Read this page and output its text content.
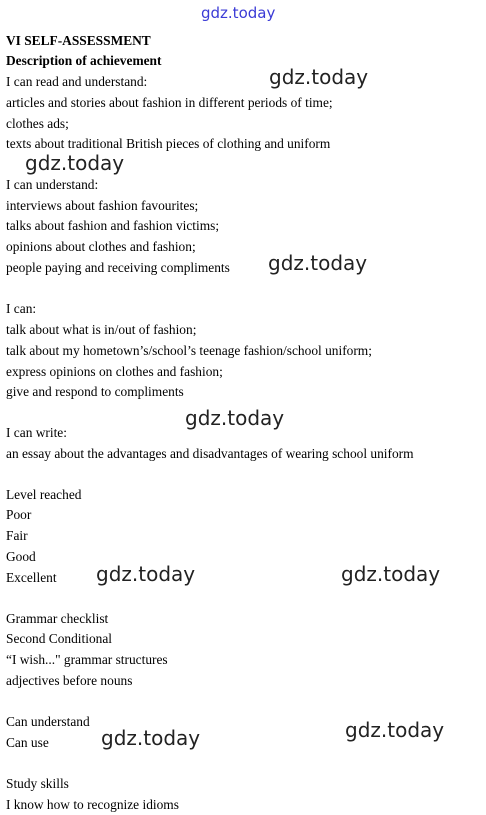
gdz.today
VI SELF-ASSESSMENT
Description of achievement
I can read and understand:
articles and stories about fashion in different periods of time;
clothes ads;
texts about traditional British pieces of clothing and uniform
I can understand:
interviews about fashion favourites;
talks about fashion and fashion victims;
opinions about clothes and fashion;
people paying and receiving compliments
I can:
talk about what is in/out of fashion;
talk about my hometown’s/school’s teenage fashion/school uniform;
express opinions on clothes and fashion;
give and respond to compliments
I can write:
an essay about the advantages and disadvantages of wearing school uniform
Level reached
Poor
Fair
Good
Excellent
Grammar checklist
Second Conditional
“I wish..." grammar structures
adjectives before nouns
Can understand
Can use
Study skills
I know how to recognize idioms
gdz.today
gdz.today
gdz.today
gdz.today
gdz.today	gdz.today
gdz.today	gdz.today
